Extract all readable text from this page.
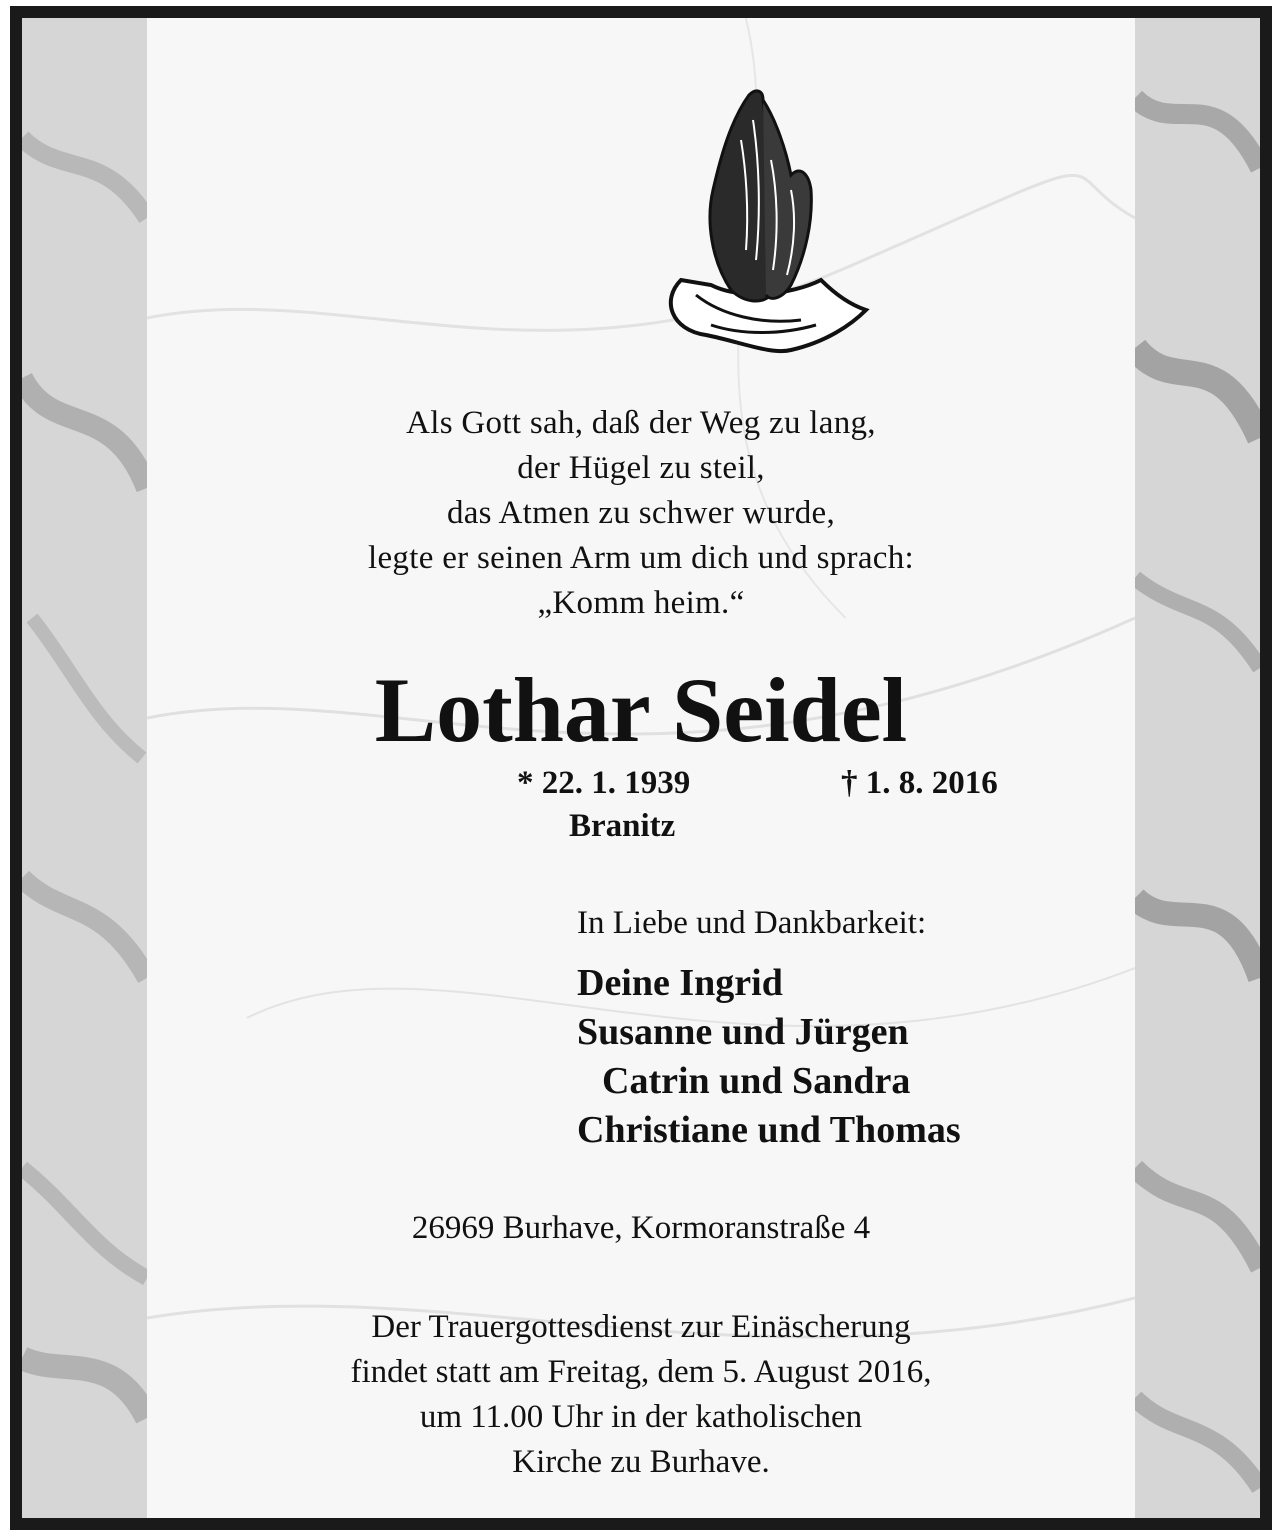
Als Gott sah, daß der Weg zu lang,
der Hügel zu steil,
das Atmen zu schwer wurde,
legte er seinen Arm um dich und sprach:
„Komm heim.“
Lothar Seidel
* 22. 1. 1939
Branitz
† 1. 8. 2016
In Liebe und Dankbarkeit:
Deine Ingrid
Susanne und Jürgen
Catrin und Sandra
Christiane und Thomas
26969 Burhave, Kormoranstraße 4
Der Trauergottesdienst zur Einäscherung
findet statt am Freitag, dem 5. August 2016,
um 11.00 Uhr in der katholischen
Kirche zu Burhave.
